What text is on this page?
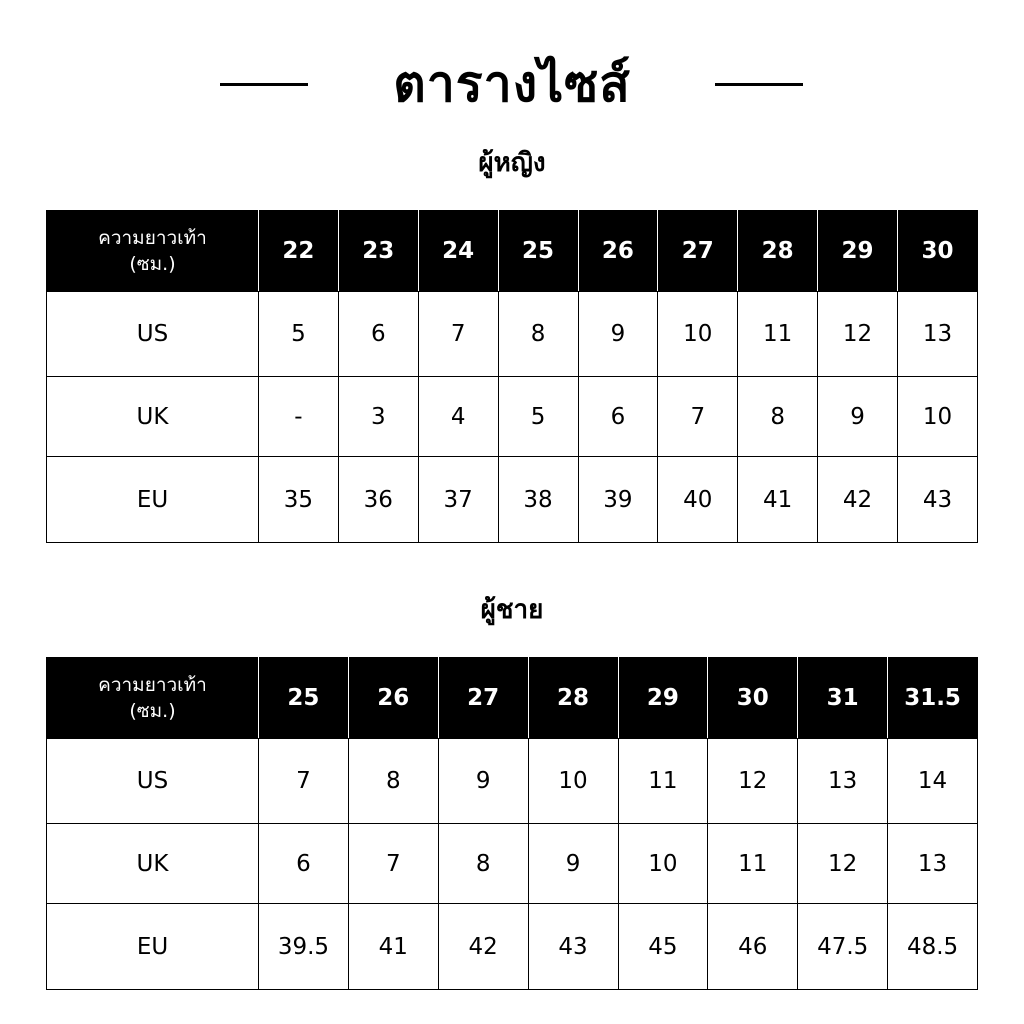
ตารางไซส์
ผู้หญิง
ความยาวเท้า
(ซม.)	22	23	24	25	26	27	28	29	30
US	5	6	7	8	9	10	11	12	13
UK	-	3	4	5	6	7	8	9	10
EU	35	36	37	38	39	40	41	42	43
ผู้ชาย
ความยาวเท้า
(ซม.)	25	26	27	28	29	30	31	31.5
US	7	8	9	10	11	12	13	14
UK	6	7	8	9	10	11	12	13
EU	39.5	41	42	43	45	46	47.5	48.5
